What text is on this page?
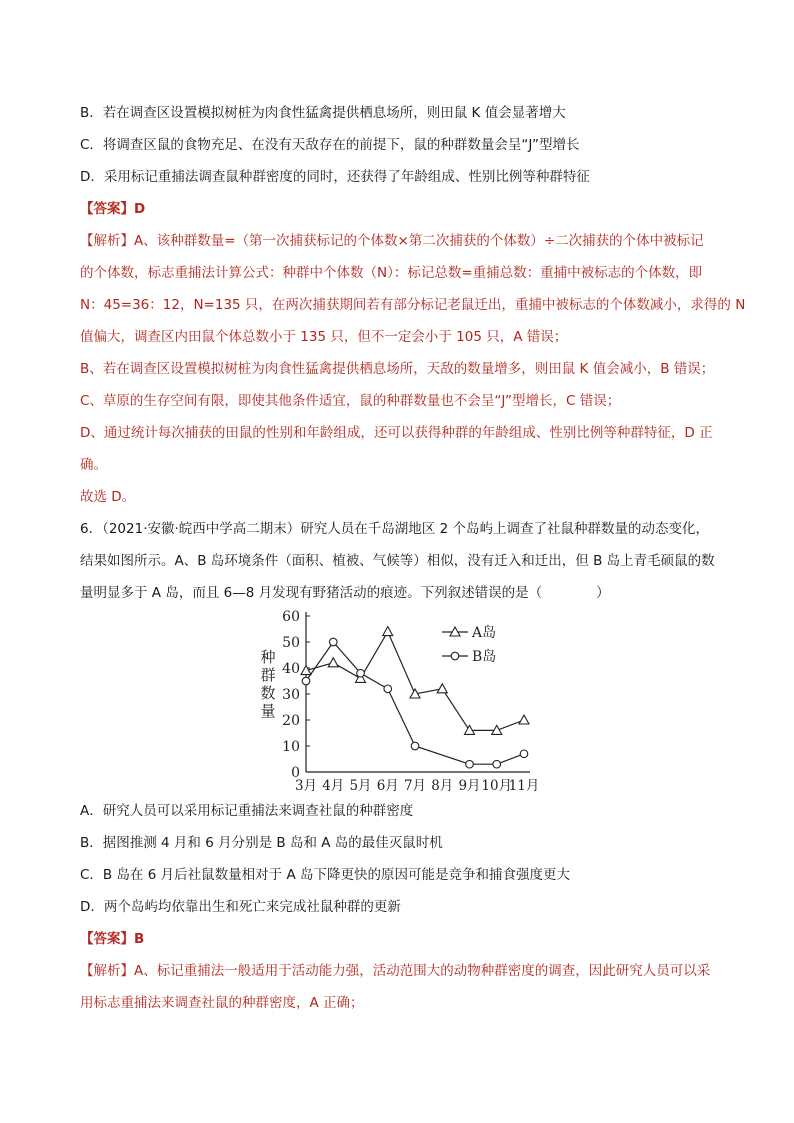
B．若在调查区设置模拟树桩为肉食性猛禽提供栖息场所，则田鼠 K 值会显著增大
C．将调查区鼠的食物充足、在没有天敌存在的前提下，鼠的种群数量会呈“J”型增长
D．采用标记重捕法调查鼠种群密度的同时，还获得了年龄组成、性别比例等种群特征
【答案】D
【解析】A、该种群数量=（第一次捕获标记的个体数×第二次捕获的个体数）÷二次捕获的个体中被标记
的个体数，标志重捕法计算公式：种群中个体数（N）：标记总数=重捕总数：重捕中被标志的个体数，即
N：45=36：12，N=135 只，在两次捕获期间若有部分标记老鼠迁出，重捕中被标志的个体数减小，求得的 N
值偏大，调查区内田鼠个体总数小于 135 只，但不一定会小于 105 只，A 错误；
B、若在调查区设置模拟树桩为肉食性猛禽提供栖息场所，天敌的数量增多，则田鼠 K 值会减小，B 错误；
C、草原的生存空间有限，即使其他条件适宜，鼠的种群数量也不会呈“J”型增长，C 错误；
D、通过统计每次捕获的田鼠的性别和年龄组成，还可以获得种群的年龄组成、性别比例等种群特征，D 正
确。
故选 D。
6．（2021·安徽·皖西中学高二期末）研究人员在千岛湖地区 2 个岛屿上调查了社鼠种群数量的动态变化，
结果如图所示。A、B 岛环境条件（面积、植被、气候等）相似，没有迁入和迁出，但 B 岛上青毛硕鼠的数
量明显多于 A 岛，而且 6—8 月发现有野猪活动的痕迹。下列叙述错误的是（　　　　）
0
10
20
30
40
50
60
3月 4月 5月 6月 7月 8月 9月 10月
11月
种
群
数
量
A岛
B岛
A．研究人员可以采用标记重捕法来调查社鼠的种群密度
B．据图推测 4 月和 6 月分别是 B 岛和 A 岛的最佳灭鼠时机
C．B 岛在 6 月后社鼠数量相对于 A 岛下降更快的原因可能是竞争和捕食强度更大
D．两个岛屿均依靠出生和死亡来完成社鼠种群的更新
【答案】B
【解析】A、标记重捕法一般适用于活动能力强，活动范围大的动物种群密度的调查，因此研究人员可以采
用标志重捕法来调查社鼠的种群密度，A 正确；
